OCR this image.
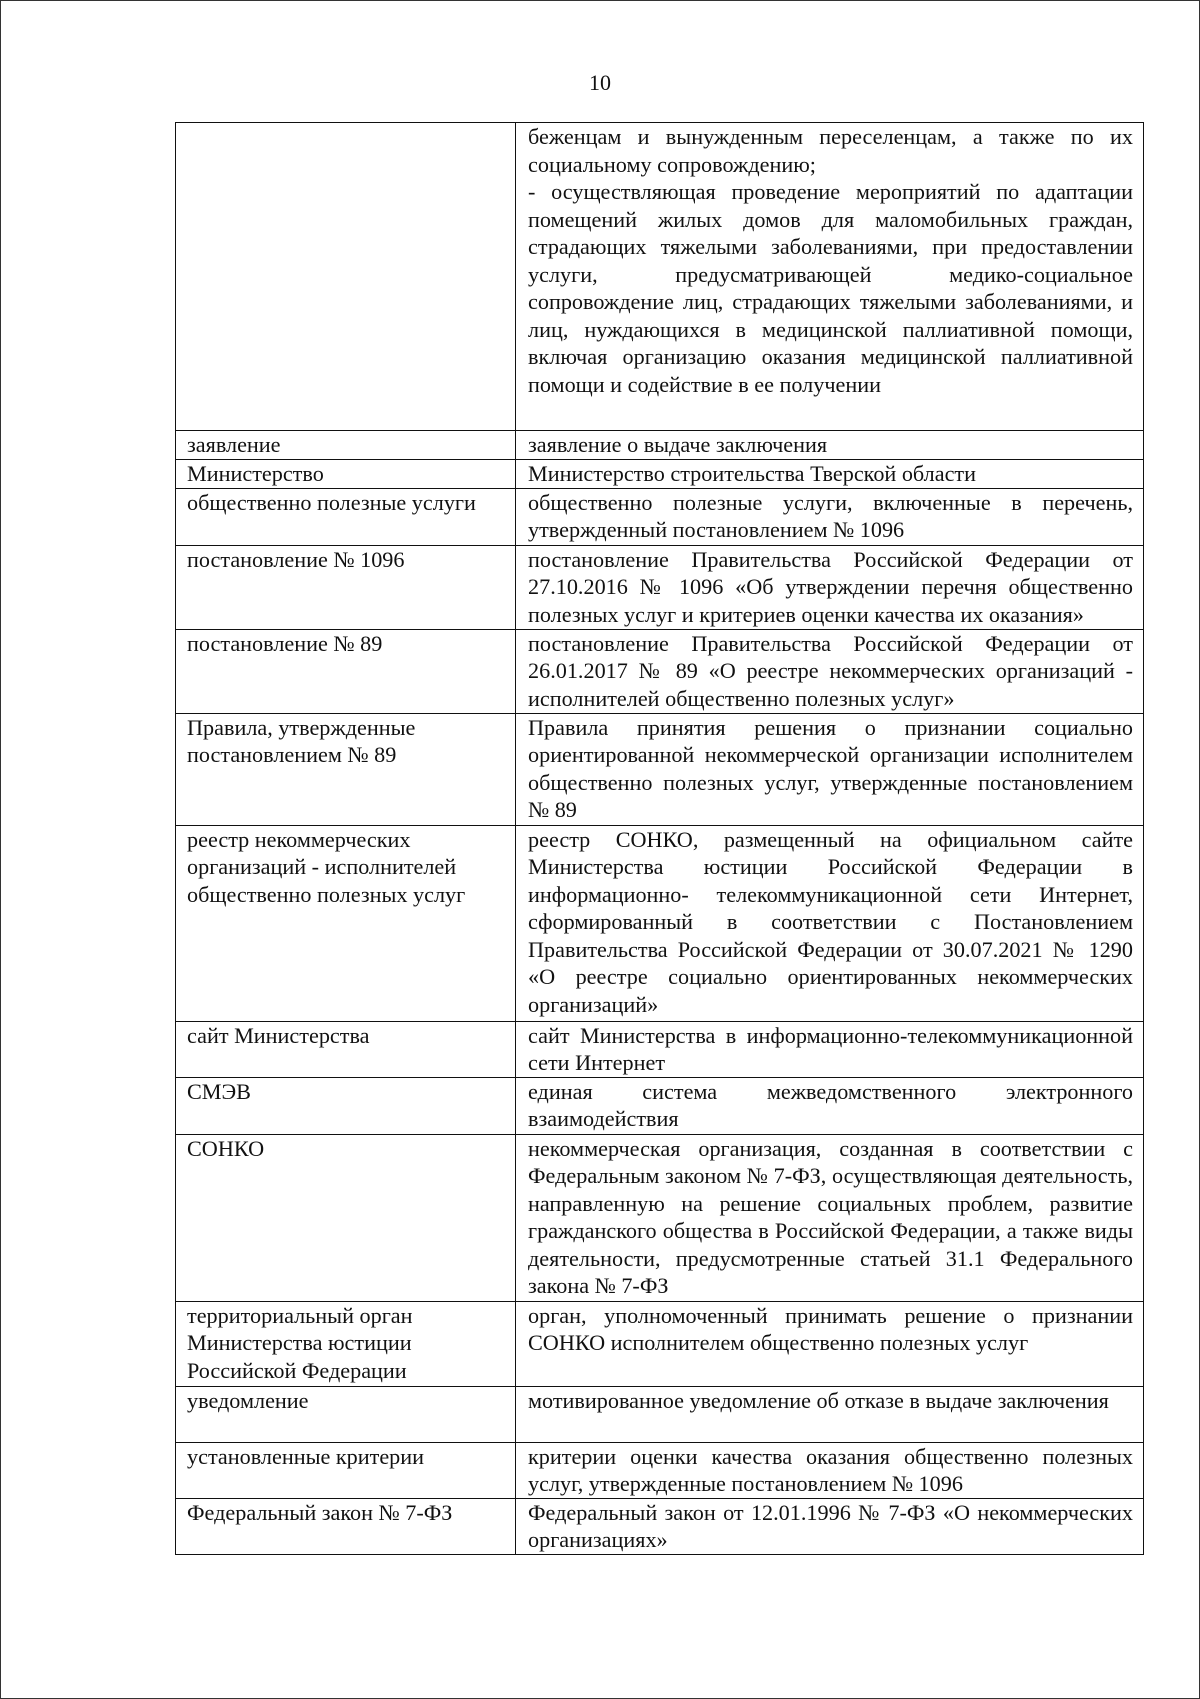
10

	беженцам и вынужденным переселенцам, а также по их социальному сопровождению;
- осуществляющая проведение мероприятий по адаптации помещений жилых домов для маломобильных граждан, страдающих тяжелыми заболеваниями, при предоставлении услуги, предусматривающей медико-социальное сопровождение лиц, страдающих тяжелыми заболеваниями, и лиц, нуждающихся в медицинской паллиативной помощи, включая организацию оказания медицинской паллиативной помощи и содействие в ее получении

заявление	заявление о выдаче заключения
Министерство	Министерство строительства Тверской области
общественно полезные услуги	общественно полезные услуги, включенные в перечень, утвержденный постановлением № 1096
постановление № 1096	постановление Правительства Российской Федерации от 27.10.2016 № 1096 «Об утверждении перечня общественно полезных услуг и критериев оценки качества их оказания»
постановление № 89	постановление Правительства Российской Федерации от 26.01.2017 № 89 «О реестре некоммерческих организаций - исполнителей общественно полезных услуг»
Правила, утвержденные постановлением № 89	Правила принятия решения о признании социально ориентированной некоммерческой организации исполнителем общественно полезных услуг, утвержденные постановлением № 89
реестр некоммерческих организаций - исполнителей общественно полезных услуг	реестр СОНКО, размещенный на официальном сайте Министерства юстиции Российской Федерации в информационно- телекоммуникационной сети Интернет, сформированный в соответствии с Постановлением Правительства Российской Федерации от 30.07.2021 № 1290 «О реестре социально ориентированных некоммерческих организаций»
сайт Министерства	сайт Министерства в информационно-телекоммуникационной сети Интернет
СМЭВ	единая система межведомственного электронного взаимодействия
СОНКО	некоммерческая организация, созданная в соответствии с Федеральным законом № 7-ФЗ, осуществляющая деятельность, направленную на решение социальных проблем, развитие гражданского общества в Российской Федерации, а также виды деятельности, предусмотренные статьей 31.1 Федерального закона № 7-ФЗ
территориальный орган Министерства юстиции Российской Федерации	орган, уполномоченный принимать решение о признании СОНКО исполнителем общественно полезных услуг
уведомление	мотивированное уведомление об отказе в выдаче заключения
установленные критерии	критерии оценки качества оказания общественно полезных услуг, утвержденные постановлением № 1096
Федеральный закон № 7-ФЗ	Федеральный закон от 12.01.1996 № 7-ФЗ «О некоммерческих организациях»
